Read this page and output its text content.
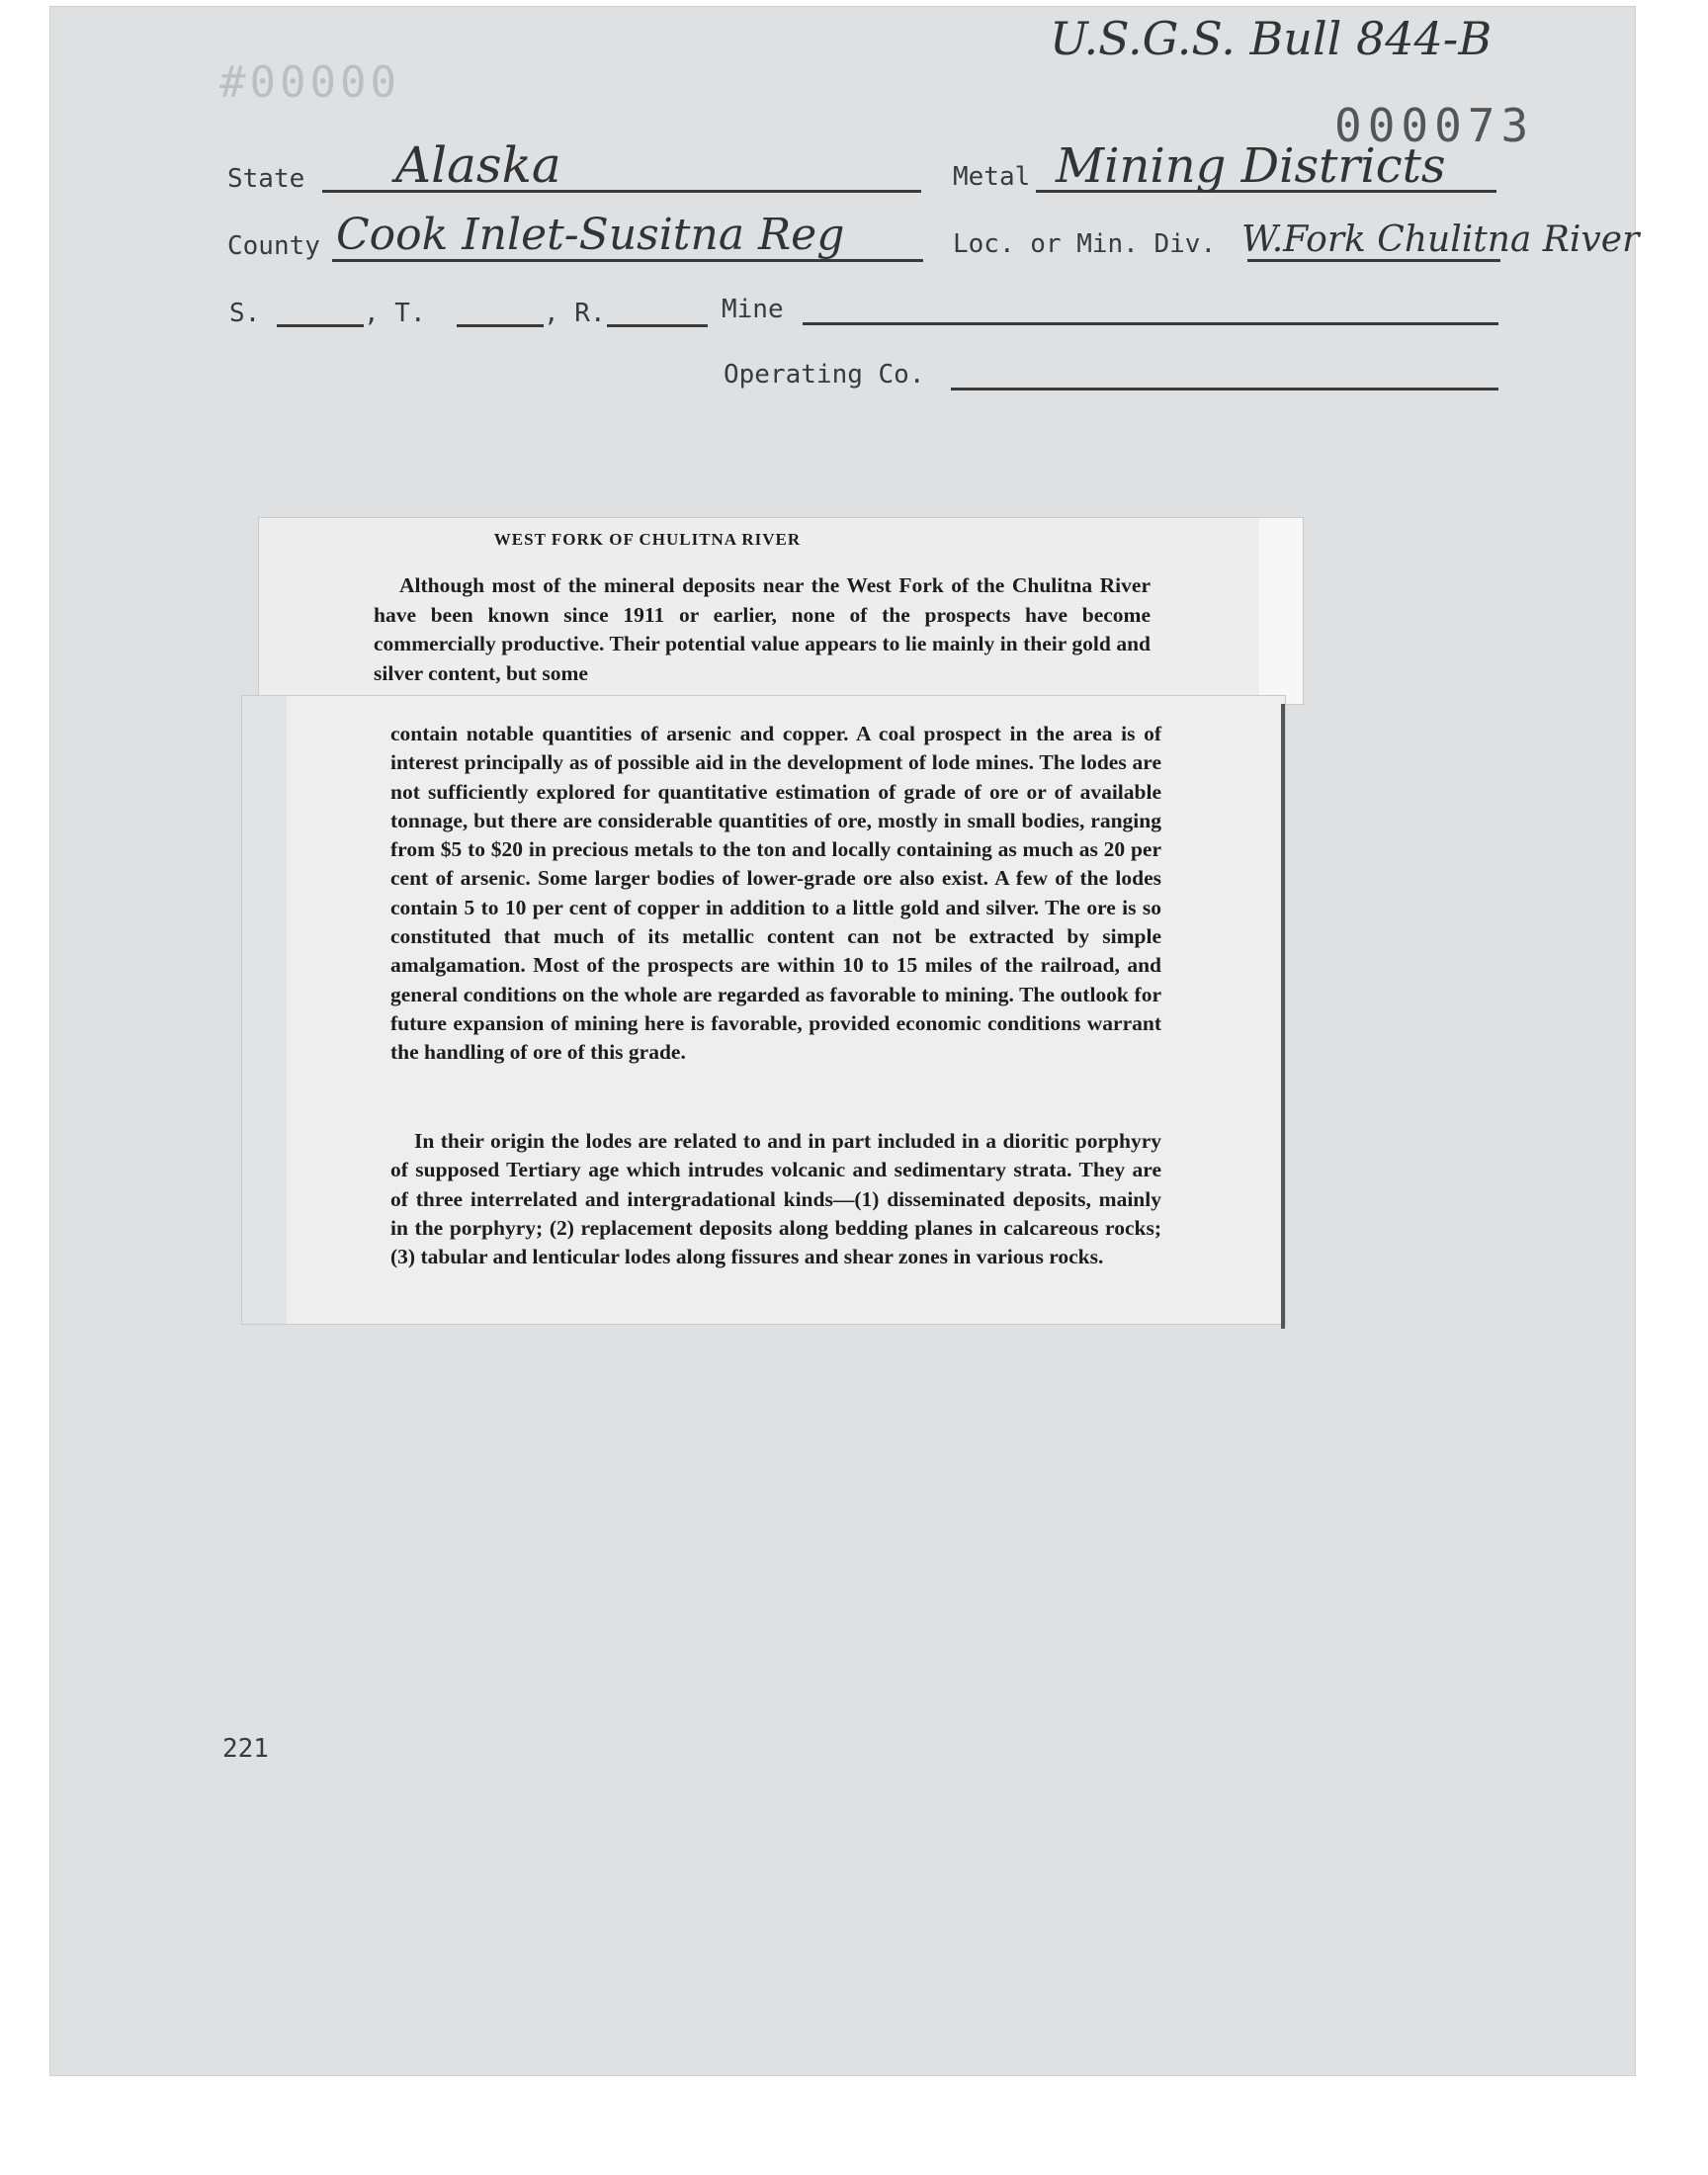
U.S.G.S. Bull 844-B
#00000
000073
State Alaska	Metal Mining Districts
County Cook Inlet-Susitna Reg	Loc. or Min. Div. W.Fork Chulitna River
S.	, T.	, R.	Mine
Operating Co.
WEST FORK OF CHULITNA RIVER
Although most of the mineral deposits near the West Fork of the Chulitna River have been known since 1911 or earlier, none of the prospects have become commercially productive. Their potential value appears to lie mainly in their gold and silver content, but some
contain notable quantities of arsenic and copper. A coal prospect in the area is of interest principally as of possible aid in the development of lode mines. The lodes are not sufficiently explored for quantitative estimation of grade of ore or of available tonnage, but there are considerable quantities of ore, mostly in small bodies, ranging from $5 to $20 in precious metals to the ton and locally containing as much as 20 per cent of arsenic. Some larger bodies of lower-grade ore also exist. A few of the lodes contain 5 to 10 per cent of copper in addition to a little gold and silver. The ore is so constituted that much of its metallic content can not be extracted by simple amalgamation. Most of the prospects are within 10 to 15 miles of the railroad, and general conditions on the whole are regarded as favorable to mining. The outlook for future expansion of mining here is favorable, provided economic conditions warrant the handling of ore of this grade.
In their origin the lodes are related to and in part included in a dioritic porphyry of supposed Tertiary age which intrudes volcanic and sedimentary strata. They are of three interrelated and intergradational kinds—(1) disseminated deposits, mainly in the porphyry; (2) replacement deposits along bedding planes in calcareous rocks; (3) tabular and lenticular lodes along fissures and shear zones in various rocks.
221
